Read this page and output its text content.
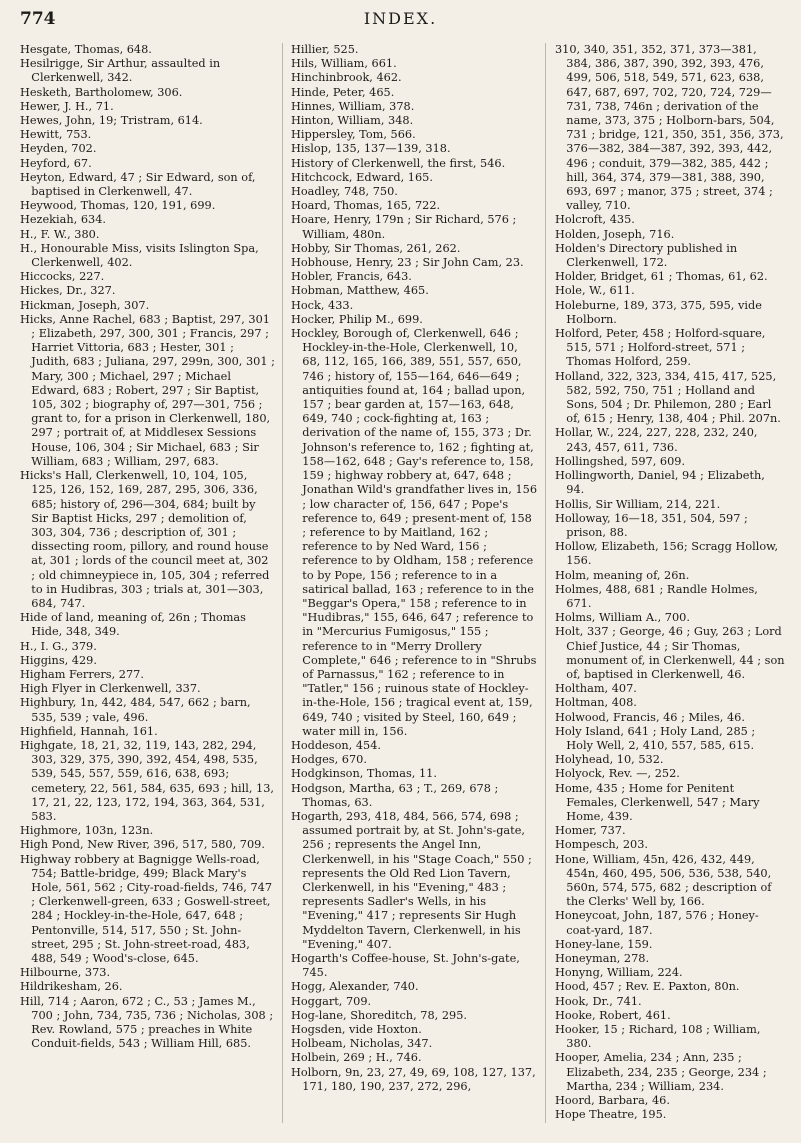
774	INDEX.

Hesgate, Thomas, 648.

Hesilrigge, Sir Arthur, assaulted in Clerkenwell, 342.

Hesketh, Bartholomew, 306.

Hewer, J. H., 71.

Hewes, John, 19; Tristram, 614.

Hewitt, 753.

Heyden, 702.

Heyford, 67.

Heyton, Edward, 47 ; Sir Edward, son of, baptised in Clerkenwell, 47.

Heywood, Thomas, 120, 191, 699.

Hezekiah, 634.

H., F. W., 380.

H., Honourable Miss, visits Islington Spa, Clerkenwell, 402.

Hiccocks, 227.

Hickes, Dr., 327.

Hickman, Joseph, 307.

Hicks, Anne Rachel, 683 ; Baptist, 297, 301 ; Elizabeth, 297, 300, 301 ; Francis, 297 ; Harriet Vittoria, 683 ; Hester, 301 ; Judith, 683 ; Juliana, 297, 299n, 300, 301 ; Mary, 300 ; Michael, 297 ; Michael Edward, 683 ; Robert, 297 ; Sir Baptist, 105, 302 ; biography of, 297—301, 756 ; grant to, for a prison in Clerkenwell, 180, 297 ; portrait of, at Middlesex Sessions House, 106, 304 ; Sir Michael, 683 ; Sir William, 683 ; William, 297, 683.

Hicks's Hall, Clerkenwell, 10, 104, 105, 125, 126, 152, 169, 287, 295, 306, 336, 685; history of, 296—304, 684; built by Sir Baptist Hicks, 297 ; demolition of, 303, 304, 736 ; description of, 301 ; dissecting room, pillory, and round house at, 301 ; lords of the council meet at, 302 ; old chimneypiece in, 105, 304 ; referred to in Hudibras, 303 ; trials at, 301—303, 684, 747.

Hide of land, meaning of, 26n ; Thomas Hide, 348, 349.

H., I. G., 379.

Higgins, 429.

Higham Ferrers, 277.

High Flyer in Clerkenwell, 337.

Highbury, 1n, 442, 484, 547, 662 ; barn, 535, 539 ; vale, 496.

Highfield, Hannah, 161.

Highgate, 18, 21, 32, 119, 143, 282, 294, 303, 329, 375, 390, 392, 454, 498, 535, 539, 545, 557, 559, 616, 638, 693; cemetery, 22, 561, 584, 635, 693 ; hill, 13, 17, 21, 22, 123, 172, 194, 363, 364, 531, 583.

Highmore, 103n, 123n.

High Pond, New River, 396, 517, 580, 709.

Highway robbery at Bagnigge Wells-road, 754; Battle-bridge, 499; Black Mary's Hole, 561, 562 ; City-road-fields, 746, 747 ; Clerkenwell-green, 633 ; Goswell-street, 284 ; Hockley-in-the-Hole, 647, 648 ; Pentonville, 514, 517, 550 ; St. John-street, 295 ; St. John-street-road, 483, 488, 549 ; Wood's-close, 645.

Hilbourne, 373.

Hildrikesham, 26.

Hill, 714 ; Aaron, 672 ; C., 53 ; James M., 700 ; John, 734, 735, 736 ; Nicholas, 308 ; Rev. Rowland, 575 ; preaches in White Conduit-fields, 543 ; William Hill, 685.

Hillier, 525.

Hils, William, 661.

Hinchinbrook, 462.

Hinde, Peter, 465.

Hinnes, William, 378.

Hinton, William, 348.

Hippersley, Tom, 566.

Hislop, 135, 137—139, 318.

History of Clerkenwell, the first, 546.

Hitchcock, Edward, 165.

Hoadley, 748, 750.

Hoard, Thomas, 165, 722.

Hoare, Henry, 179n ; Sir Richard, 576 ; William, 480n.

Hobby, Sir Thomas, 261, 262.

Hobhouse, Henry, 23 ; Sir John Cam, 23.

Hobler, Francis, 643.

Hobman, Matthew, 465.

Hock, 433.

Hocker, Philip M., 699.

Hockley, Borough of, Clerkenwell, 646 ; Hockley-in-the-Hole, Clerkenwell, 10, 68, 112, 165, 166, 389, 551, 557, 650, 746 ; history of, 155—164, 646—649 ; antiquities found at, 164 ; ballad upon, 157 ; bear garden at, 157—163, 648, 649, 740 ; cock-fighting at, 163 ; derivation of the name of, 155, 373 ; Dr. Johnson's reference to, 162 ; fighting at, 158—162, 648 ; Gay's reference to, 158, 159 ; highway robbery at, 647, 648 ; Jonathan Wild's grandfather lives in, 156 ; low character of, 156, 647 ; Pope's reference to, 649 ; present-ment of, 158 ; reference to by Maitland, 162 ; reference to by Ned Ward, 156 ; reference to by Oldham, 158 ; reference to by Pope, 156 ; reference to in a satirical ballad, 163 ; reference to in the "Beggar's Opera," 158 ; reference to in "Hudibras," 155, 646, 647 ; reference to in "Mercurius Fumigosus," 155 ; reference to in "Merry Drollery Complete," 646 ; reference to in "Shrubs of Parnassus," 162 ; reference to in "Tatler," 156 ; ruinous state of Hockley-in-the-Hole, 156 ; tragical event at, 159, 649, 740 ; visited by Steel, 160, 649 ; water mill in, 156.

Hoddeson, 454.

Hodges, 670.

Hodgkinson, Thomas, 11.

Hodgson, Martha, 63 ; T., 269, 678 ; Thomas, 63.

Hogarth, 293, 418, 484, 566, 574, 698 ; assumed portrait by, at St. John's-gate, 256 ; represents the Angel Inn, Clerkenwell, in his "Stage Coach," 550 ; represents the Old Red Lion Tavern, Clerkenwell, in his "Evening," 483 ; represents Sadler's Wells, in his "Evening," 417 ; represents Sir Hugh Myddelton Tavern, Clerkenwell, in his "Evening," 407.

Hogarth's Coffee-house, St. John's-gate, 745.

Hogg, Alexander, 740.

Hoggart, 709.

Hog-lane, Shoreditch, 78, 295.

Hogsden, vide Hoxton.

Holbeam, Nicholas, 347.

Holbein, 269 ; H., 746.

Holborn, 9n, 23, 27, 49, 69, 108, 127, 137, 171, 180, 190, 237, 272, 296,

310, 340, 351, 352, 371, 373—381, 384, 386, 387, 390, 392, 393, 476, 499, 506, 518, 549, 571, 623, 638, 647, 687, 697, 702, 720, 724, 729—731, 738, 746n ; derivation of the name, 373, 375 ; Holborn-bars, 504, 731 ; bridge, 121, 350, 351, 356, 373, 376—382, 384—387, 392, 393, 442, 496 ; conduit, 379—382, 385, 442 ; hill, 364, 374, 379—381, 388, 390, 693, 697 ; manor, 375 ; street, 374 ; valley, 710.

Holcroft, 435.

Holden, Joseph, 716.

Holden's Directory published in Clerkenwell, 172.

Holder, Bridget, 61 ; Thomas, 61, 62.

Hole, W., 611.

Holeburne, 189, 373, 375, 595, vide Holborn.

Holford, Peter, 458 ; Holford-square, 515, 571 ; Holford-street, 571 ; Thomas Holford, 259.

Holland, 322, 323, 334, 415, 417, 525, 582, 592, 750, 751 ; Holland and Sons, 504 ; Dr. Philemon, 280 ; Earl of, 615 ; Henry, 138, 404 ; Phil. 207n.

Hollar, W., 224, 227, 228, 232, 240, 243, 457, 611, 736.

Hollingshed, 597, 609.

Hollingworth, Daniel, 94 ; Elizabeth, 94.

Hollis, Sir William, 214, 221.

Holloway, 16—18, 351, 504, 597 ; prison, 88.

Hollow, Elizabeth, 156; Scragg Hollow, 156.

Holm, meaning of, 26n.

Holmes, 488, 681 ; Randle Holmes, 671.

Holms, William A., 700.

Holt, 337 ; George, 46 ; Guy, 263 ; Lord Chief Justice, 44 ; Sir Thomas, monument of, in Clerkenwell, 44 ; son of, baptised in Clerkenwell, 46.

Holtham, 407.

Holtman, 408.

Holwood, Francis, 46 ; Miles, 46.

Holy Island, 641 ; Holy Land, 285 ; Holy Well, 2, 410, 557, 585, 615.

Holyhead, 10, 532.

Holyock, Rev. —, 252.

Home, 435 ; Home for Penitent Females, Clerkenwell, 547 ; Mary Home, 439.

Homer, 737.

Hompesch, 203.

Hone, William, 45n, 426, 432, 449, 454n, 460, 495, 506, 536, 538, 540, 560n, 574, 575, 682 ; description of the Clerks' Well by, 166.

Honeycoat, John, 187, 576 ; Honey-coat-yard, 187.

Honey-lane, 159.

Honeyman, 278.

Honyng, William, 224.

Hood, 457 ; Rev. E. Paxton, 80n.

Hook, Dr., 741.

Hooke, Robert, 461.

Hooker, 15 ; Richard, 108 ; William, 380.

Hooper, Amelia, 234 ; Ann, 235 ; Elizabeth, 234, 235 ; George, 234 ; Martha, 234 ; William, 234.

Hoord, Barbara, 46.

Hope Theatre, 195.
